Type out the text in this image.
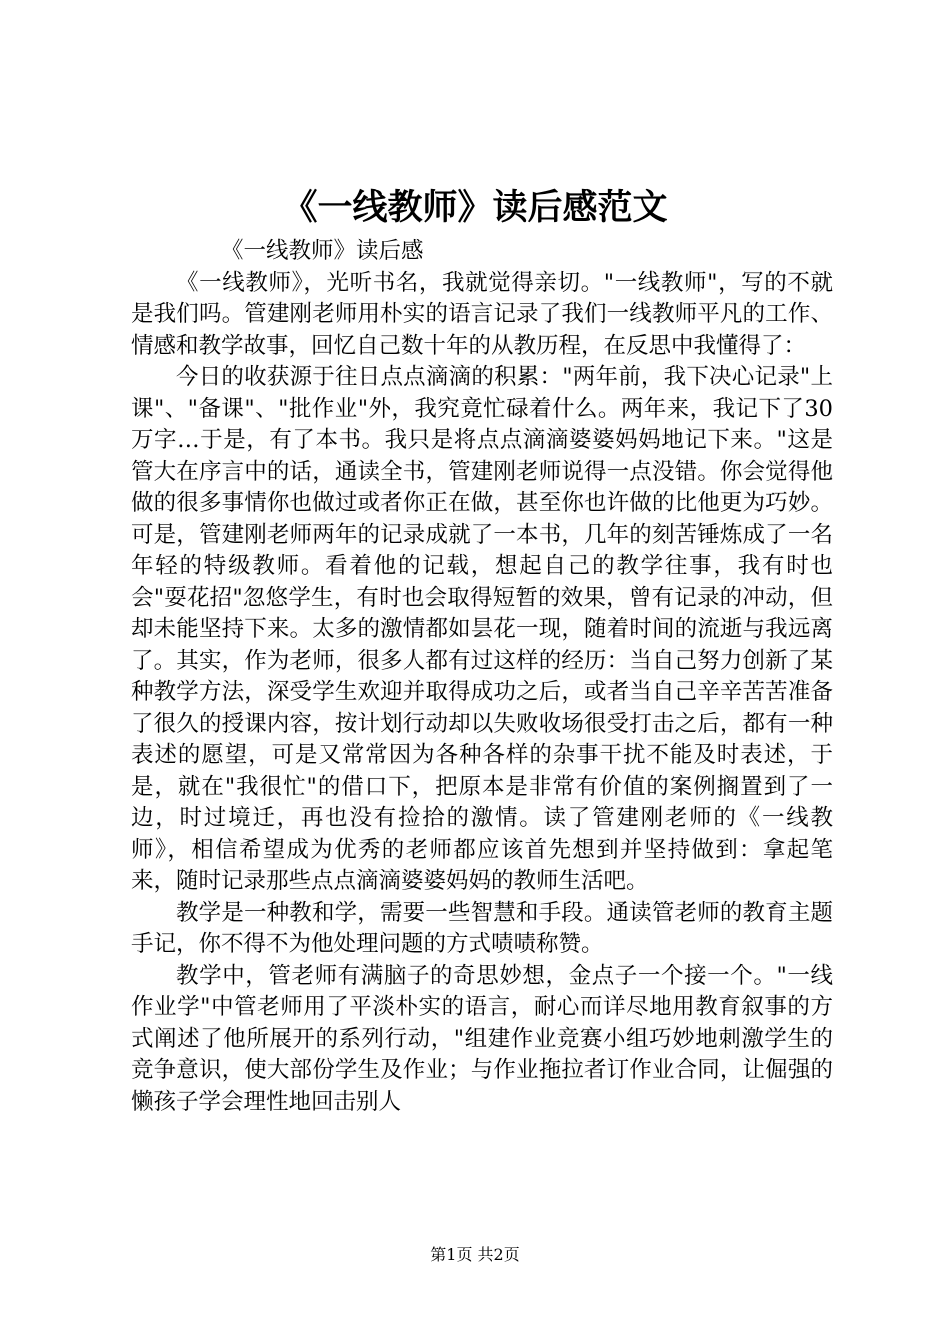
《一线教师》读后感范文

  《一线教师》读后感

《一线教师》，光听书名，我就觉得亲切。"一线教师"，写的不就是我们吗。管建刚老师用朴实的语言记录了我们一线教师平凡的工作、情感和教学故事，回忆自己数十年的从教历程，在反思中我懂得了：

今日的收获源于往日点点滴滴的积累："两年前，我下决心记录"上课"、"备课"、"批作业"外，我究竟忙碌着什么。两年来，我记下了30万字…于是，有了本书。我只是将点点滴滴婆婆妈妈地记下来。"这是管大在序言中的话，通读全书，管建刚老师说得一点没错。你会觉得他做的很多事情你也做过或者你正在做，甚至你也许做的比他更为巧妙。可是，管建刚老师两年的记录成就了一本书，几年的刻苦锤炼成了一名年轻的特级教师。看着他的记载，想起自己的教学往事，我有时也会"耍花招"忽悠学生，有时也会取得短暂的效果，曾有记录的冲动，但却未能坚持下来。太多的激情都如昙花一现，随着时间的流逝与我远离了。其实，作为老师，很多人都有过这样的经历：当自己努力创新了某种教学方法，深受学生欢迎并取得成功之后，或者当自己辛辛苦苦准备了很久的授课内容，按计划行动却以失败收场很受打击之后，都有一种表述的愿望，可是又常常因为各种各样的杂事干扰不能及时表述，于是，就在"我很忙"的借口下，把原本是非常有价值的案例搁置到了一边，时过境迁，再也没有捡拾的激情。读了管建刚老师的《一线教师》，相信希望成为优秀的老师都应该首先想到并坚持做到：拿起笔来，随时记录那些点点滴滴婆婆妈妈的教师生活吧。

教学是一种教和学，需要一些智慧和手段。通读管老师的教育主题手记，你不得不为他处理问题的方式啧啧称赞。

教学中，管老师有满脑子的奇思妙想，金点子一个接一个。"一线作业学"中管老师用了平淡朴实的语言，耐心而详尽地用教育叙事的方式阐述了他所展开的系列行动，"组建作业竞赛小组巧妙地刺激学生的竞争意识，使大部份学生及作业；与作业拖拉者订作业合同，让倔强的懒孩子学会理性地回击别人

第1页 共2页
